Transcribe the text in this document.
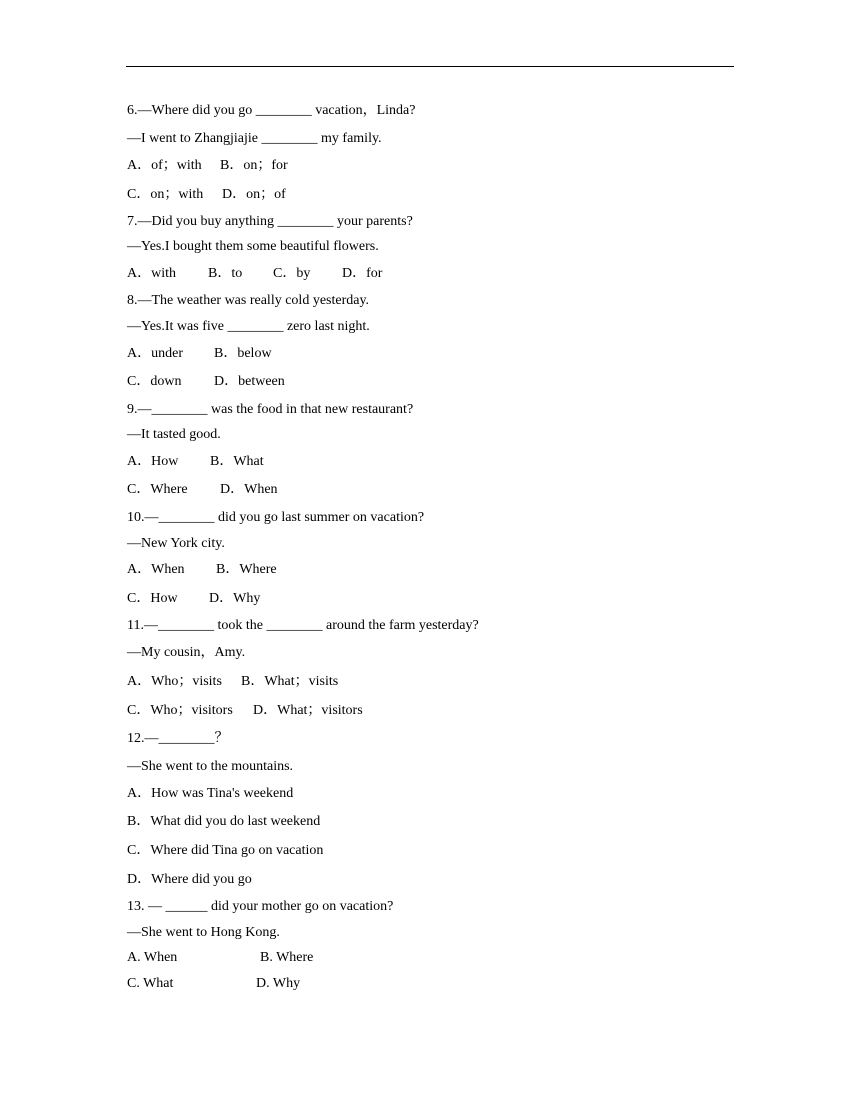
6.—Where did you go ________ vacation，Linda?
—I went to Zhangjiajie ________ my family.
A．of；with B．on；for
C．on；with D．on；of
7.—Did you buy anything ________ your parents?
—Yes.I bought them some beautiful flowers.
A．with B．to C．by D．for
8.—The weather was really cold yesterday.
—Yes.It was five ________ zero last night.
A．under B．below
C．down D．between
9.—________ was the food in that new restaurant?
—It tasted good.
A．How B．What
C．Where D．When
10.—________ did you go last summer on vacation?
—New York city.
A．When B．Where
C．How D．Why
11.—________ took the ________ around the farm yesterday?
—My cousin，Amy.
A．Who；visits B．What；visits
C．Who；visitors D．What；visitors
12.—________？
—She went to the mountains.
A．How was Tina's weekend
B．What did you do last weekend
C．Where did Tina go on vacation
D．Where did you go
13. — ______ did your mother go on vacation?
—She went to Hong Kong.
A. When	B. Where
C. What	D. Why
